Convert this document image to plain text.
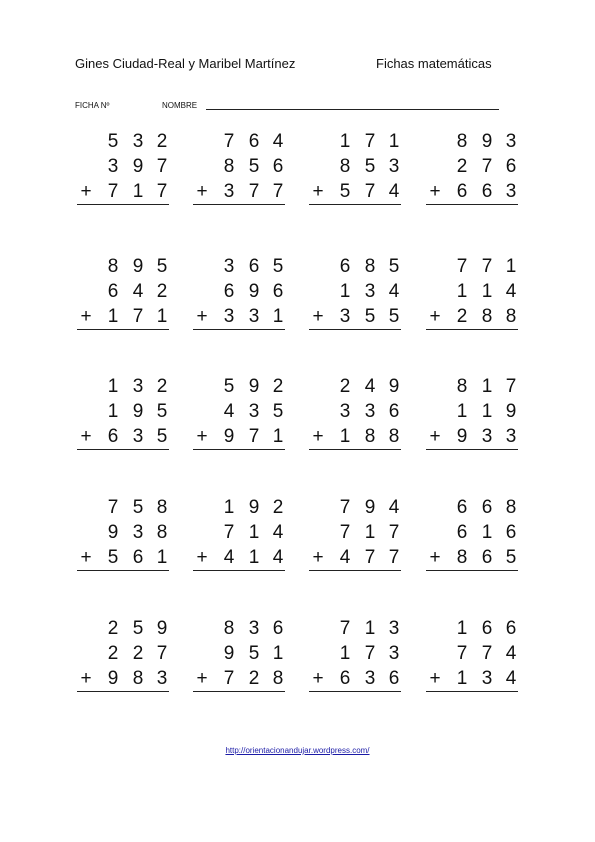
Gines Ciudad-Real y Maribel Martínez	Fichas matemáticas
FICHA Nº	NOMBRE
5 3 2
3 9 7
+ 7 1 7
7 6 4
8 5 6
+ 3 7 7
1 7 1
8 5 3
+ 5 7 4
8 9 3
2 7 6
+ 6 6 3
8 9 5
6 4 2
+ 1 7 1
3 6 5
6 9 6
+ 3 3 1
6 8 5
1 3 4
+ 3 5 5
7 7 1
1 1 4
+ 2 8 8
1 3 2
1 9 5
+ 6 3 5
5 9 2
4 3 5
+ 9 7 1
2 4 9
3 3 6
+ 1 8 8
8 1 7
1 1 9
+ 9 3 3
7 5 8
9 3 8
+ 5 6 1
1 9 2
7 1 4
+ 4 1 4
7 9 4
7 1 7
+ 4 7 7
6 6 8
6 1 6
+ 8 6 5
2 5 9
2 2 7
+ 9 8 3
8 3 6
9 5 1
+ 7 2 8
7 1 3
1 7 3
+ 6 3 6
1 6 6
7 7 4
+ 1 3 4
http://orientacionandujar.wordpress.com/
